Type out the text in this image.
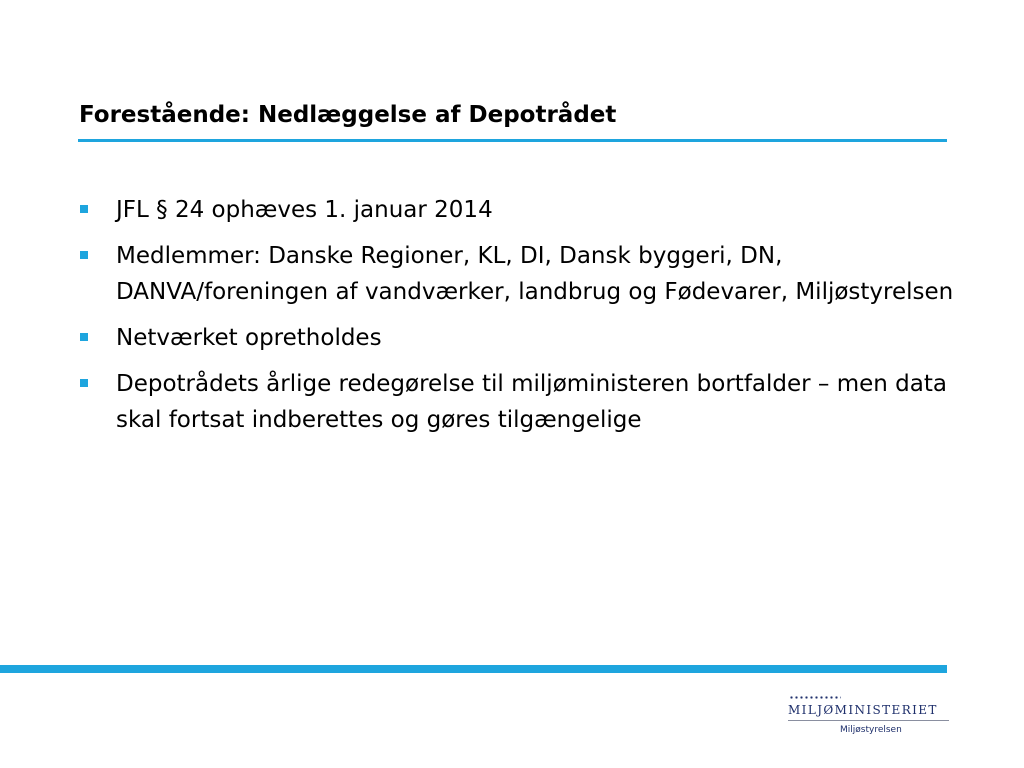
Forestående: Nedlæggelse af Depotrådet
JFL § 24 ophæves 1. januar 2014
Medlemmer: Danske Regioner, KL, DI, Dansk byggeri, DN, DANVA/foreningen af vandværker, landbrug og Fødevarer, Miljøstyrelsen
Netværket opretholdes
Depotrådets årlige redegørelse til miljøministeren bortfalder – men data skal fortsat indberettes og gøres tilgængelige
MILJØMINISTERIET
Miljøstyrelsen
